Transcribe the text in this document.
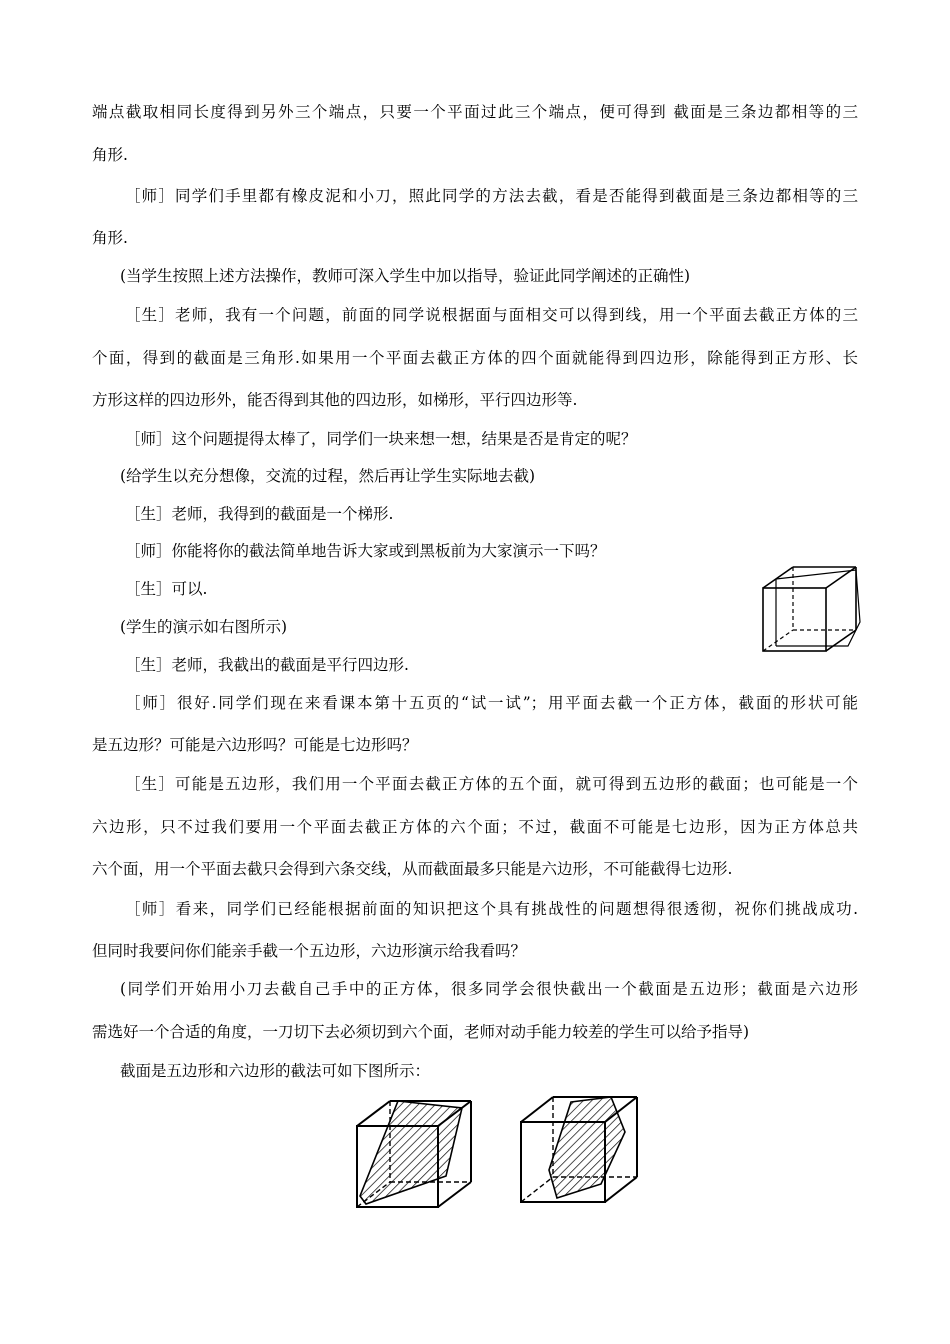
端点截取相同长度得到另外三个端点，只要一个平面过此三个端点，便可得到 截面是三条边都相等的三
角形.
［师］同学们手里都有橡皮泥和小刀，照此同学的方法去截，看是否能得到截面是三条边都相等的三
角形.
(当学生按照上述方法操作，教师可深入学生中加以指导，验证此同学阐述的正确性)
［生］老师，我有一个问题，前面的同学说根据面与面相交可以得到线，用一个平面去截正方体的三
个面，得到的截面是三角形.如果用一个平面去截正方体的四个面就能得到四边形，除能得到正方形、长
方形这样的四边形外，能否得到其他的四边形，如梯形，平行四边形等.
［师］这个问题提得太棒了，同学们一块来想一想，结果是否是肯定的呢？
(给学生以充分想像，交流的过程，然后再让学生实际地去截)
［生］老师，我得到的截面是一个梯形.
［师］你能将你的截法简单地告诉大家或到黑板前为大家演示一下吗？
［生］可以.
(学生的演示如右图所示)
［生］老师，我截出的截面是平行四边形.
［师］很好.同学们现在来看课本第十五页的“试一试”；用平面去截一个正方体，截面的形状可能
是五边形？可能是六边形吗？可能是七边形吗？
［生］可能是五边形，我们用一个平面去截正方体的五个面，就可得到五边形的截面；也可能是一个
六边形，只不过我们要用一个平面去截正方体的六个面；不过，截面不可能是七边形，因为正方体总共
六个面，用一个平面去截只会得到六条交线，从而截面最多只能是六边形，不可能截得七边形.
［师］看来，同学们已经能根据前面的知识把这个具有挑战性的问题想得很透彻，祝你们挑战成功.
但同时我要问你们能亲手截一个五边形，六边形演示给我看吗？
(同学们开始用小刀去截自己手中的正方体，很多同学会很快截出一个截面是五边形；截面是六边形
需选好一个合适的角度，一刀切下去必须切到六个面，老师对动手能力较差的学生可以给予指导)
截面是五边形和六边形的截法可如下图所示：
